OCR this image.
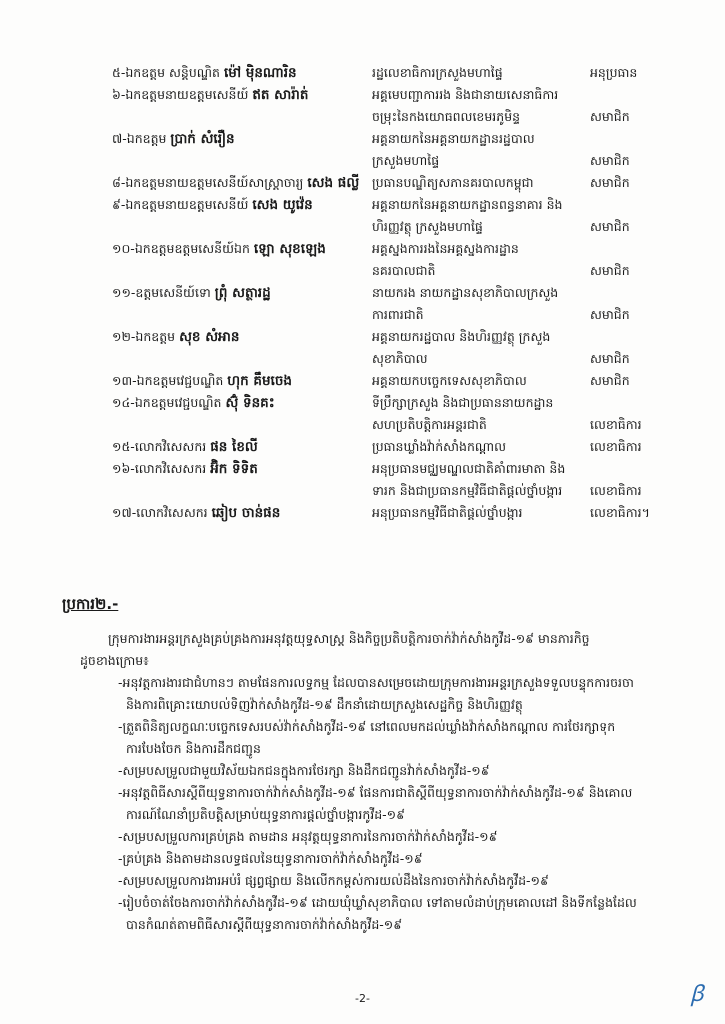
៥-ឯកឧត្តម សន្តិបណ្ឌិត ម៉ៅ ម៉ិនណារិន	រដ្ឋលេខាធិការក្រសួងមហាផ្ទៃ	អនុប្រធាន
៦-ឯកឧត្តមនាយឧត្តមសេនីយ៍ ឥត សារ៉ាត់	អគ្គមេបញ្ជាការរង និងជានាយសេនាធិការ
ចម្រុះនៃកងយោធពលខេមរភូមិន្ទ	សមាជិក
៧-ឯកឧត្តម ប្រាក់ សំរឿន	អគ្គនាយកនៃអគ្គនាយកដ្ឋានរដ្ឋបាល
ក្រសួងមហាផ្ទៃ	សមាជិក
៨-ឯកឧត្តមនាយឧត្តមសេនីយ៍សាស្ត្រាចារ្យ សេង ផល្លី	ប្រធានបណ្ឌិត្យសភានគរបាលកម្ពុជា	សមាជិក
៩-ឯកឧត្តមនាយឧត្តមសេនីយ៍ សេង យូវ៉េន	អគ្គនាយកនៃអគ្គនាយកដ្ឋានពន្ធនាគារ និង
ហិរញ្ញវត្ថុ ក្រសួងមហាផ្ទៃ	សមាជិក
១០-ឯកឧត្តមឧត្តមសេនីយ៍ឯក ឡោ សុខឡេង	អគ្គស្នងការរងនៃអគ្គស្នងការដ្ឋាន
នគរបាលជាតិ	សមាជិក
១១-ឧត្តមសេនីយ៍ទោ ព្រុំ សត្ថារដ្ឋ	នាយករង នាយកដ្ឋានសុខាភិបាលក្រសួង
ការពារជាតិ	សមាជិក
១២-ឯកឧត្តម សុខ សំអាន	អគ្គនាយករដ្ឋបាល និងហិរញ្ញវត្ថុ ក្រសួង
សុខាភិបាល	សមាជិក
១៣-ឯកឧត្តមវេជ្ជបណ្ឌិត ហុក គឹមចេង	អគ្គនាយកបច្ចេកទេសសុខាភិបាល	សមាជិក
១៤-ឯកឧត្តមវេជ្ជបណ្ឌិត ស៊ុំ ទិនគះ	ទីប្រឹក្សាក្រសួង និងជាប្រធាននាយកដ្ឋាន
សហប្រតិបត្តិការអន្តរជាតិ	លេខាធិការ
១៥-លោកវិសេសករ ផន ខៃលី	ប្រធានឃ្លាំងវ៉ាក់សាំងកណ្តាល	លេខាធិការ
១៦-លោកវិសេសករ អ៊ិក ទិទិត	អនុប្រធានមជ្ឈមណ្ឌលជាតិគាំពារមាតា និង
ទារក និងជាប្រធានកម្មវិធីជាតិផ្តល់ថ្នាំបង្ការ	លេខាធិការ
១៧-លោកវិសេសករ ឆៀប ចាន់ផន	អនុប្រធានកម្មវិធីជាតិផ្តល់ថ្នាំបង្ការ	លេខាធិការ។
ប្រការ២.-
ក្រុមការងារអន្តរក្រសួងគ្រប់គ្រងការអនុវត្តយុទ្ធសាស្ត្រ និងកិច្ចប្រតិបត្តិការចាក់វ៉ាក់សាំងកូវីដ-១៩ មានភារកិច្ច
ដូចខាងក្រោម៖
-អនុវត្តការងារជាជំហានៗ តាមផែនការលទ្ធកម្ម ដែលបានសម្រេចដោយក្រុមការងារអន្តរក្រសួងទទួលបន្ទុកការចរចា
និងការពិគ្រោះយោបល់ទិញវ៉ាក់សាំងកូវីដ-១៩ ដឹកនាំដោយក្រសួងសេដ្ឋកិច្ច និងហិរញ្ញវត្ថុ
-ត្រួតពិនិត្យលក្ខណៈបច្ចេកទេសរបស់វ៉ាក់សាំងកូវីដ-១៩ នៅពេលមកដល់ឃ្លាំងវ៉ាក់សាំងកណ្តាល ការថែរក្សាទុក
ការបែងចែក និងការដឹកជញ្ជូន
-សម្របសម្រួលជាមួយវិស័យឯកជនក្នុងការថែរក្សា និងដឹកជញ្ជូនវ៉ាក់សាំងកូវីដ-១៩
-អនុវត្តពិធីសារស្តីពីយុទ្ធនាការចាក់វ៉ាក់សាំងកូវីដ-១៩ ផែនការជាតិស្តីពីយុទ្ធនាការចាក់វ៉ាក់សាំងកូវីដ-១៩ និងគោល
ការណ៍ណែនាំប្រតិបត្តិសម្រាប់យុទ្ធនាការផ្តល់ថ្នាំបង្ការកូវីដ-១៩
-សម្របសម្រួលការគ្រប់គ្រង តាមដាន អនុវត្តយុទ្ធនាការនៃការចាក់វ៉ាក់សាំងកូវីដ-១៩
-គ្រប់គ្រង និងតាមដានលទ្ធផលនៃយុទ្ធនាការចាក់វ៉ាក់សាំងកូវីដ-១៩
-សម្របសម្រួលការងារអប់រំ ផ្សព្វផ្សាយ និងលើកកម្ពស់ការយល់ដឹងនៃការចាក់វ៉ាក់សាំងកូវីដ-១៩
-រៀបចំចាត់ចែងការចាក់វ៉ាក់សាំងកូវីដ-១៩ ដោយឃុំឃ្លាំសុខាភិបាល ទៅតាមលំដាប់ក្រុមគោលដៅ និងទីកន្លែងដែល
បានកំណត់តាមពិធីសារស្តីពីយុទ្ធនាការចាក់វ៉ាក់សាំងកូវីដ-១៩
-2-	ꞵ
